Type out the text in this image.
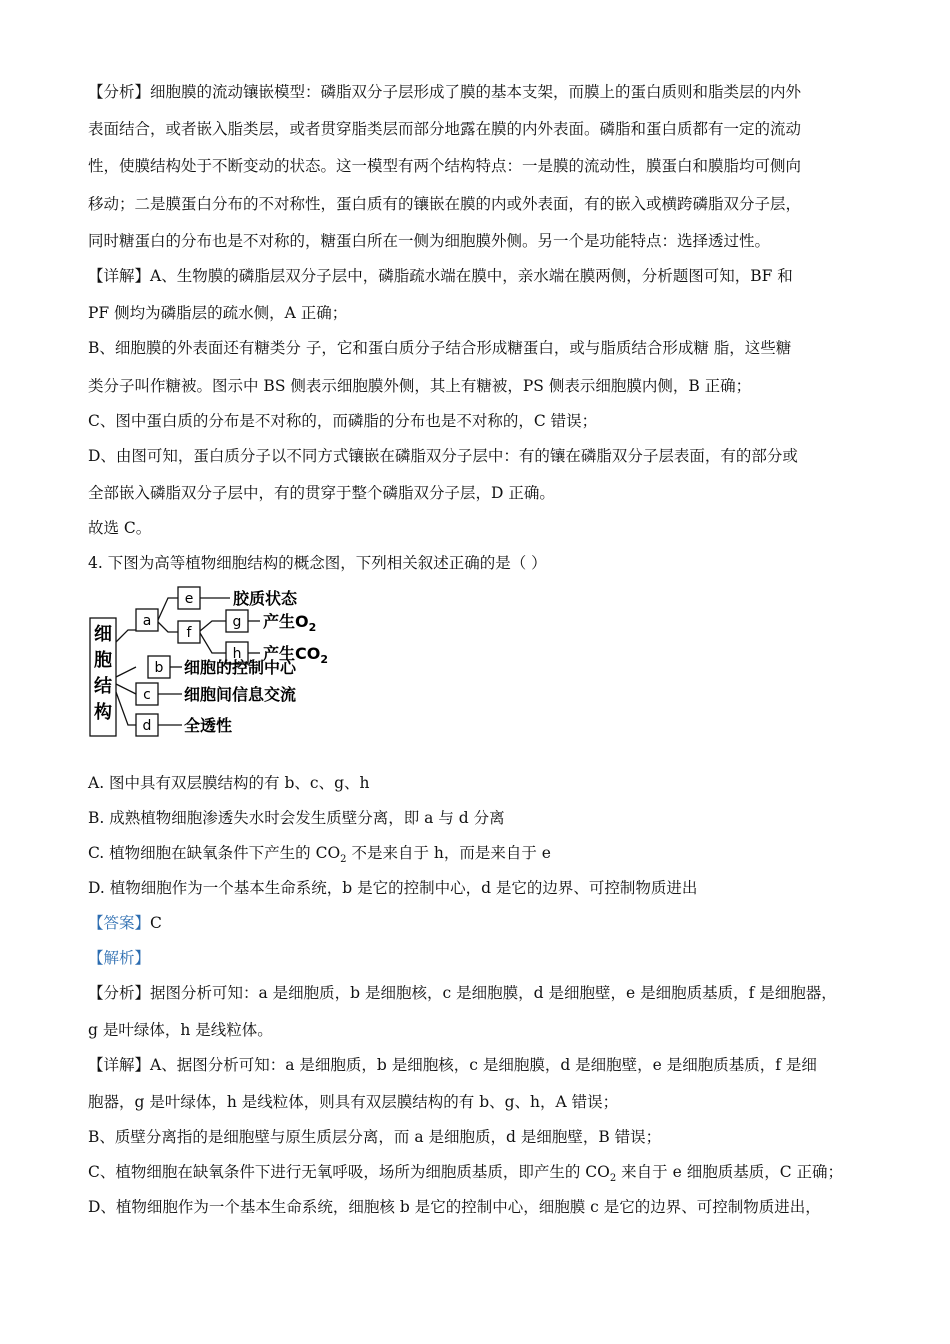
【分析】细胞膜的流动镶嵌模型：磷脂双分子层形成了膜的基本支架，而膜上的蛋白质则和脂类层的内外
表面结合，或者嵌入脂类层，或者贯穿脂类层而部分地露在膜的内外表面。磷脂和蛋白质都有一定的流动
性，使膜结构处于不断变动的状态。这一模型有两个结构特点：一是膜的流动性，膜蛋白和膜脂均可侧向
移动；二是膜蛋白分布的不对称性，蛋白质有的镶嵌在膜的内或外表面，有的嵌入或横跨磷脂双分子层，
同时糖蛋白的分布也是不对称的，糖蛋白所在一侧为细胞膜外侧。另一个是功能特点：选择透过性。
【详解】A、生物膜的磷脂层双分子层中，磷脂疏水端在膜中，亲水端在膜两侧，分析题图可知，BF 和
PF 侧均为磷脂层的疏水侧，A 正确；
B、细胞膜的外表面还有糖类分 子，它和蛋白质分子结合形成糖蛋白，或与脂质结合形成糖 脂，这些糖
类分子叫作糖被。图示中 BS 侧表示细胞膜外侧，其上有糖被，PS 侧表示细胞膜内侧，B 正确；
C、图中蛋白质的分布是不对称的，而磷脂的分布也是不对称的，C 错误；
D、由图可知，蛋白质分子以不同方式镶嵌在磷脂双分子层中：有的镶在磷脂双分子层表面，有的部分或
全部嵌入磷脂双分子层中，有的贯穿于整个磷脂双分子层，D 正确。
故选 C。
4. 下图为高等植物细胞结构的概念图，下列相关叙述正确的是（ ）
细
胞
结
构
a
b
c
d
e
f
g
h
胶质状态
产生$O_2$
产生$CO_2$
细胞的控制中心
细胞间信息交流
全透性
A. 图中具有双层膜结构的有 b、c、g、h
B. 成熟植物细胞渗透失水时会发生质壁分离，即 a 与 d 分离
C. 植物细胞在缺氧条件下产生的 $CO_2$ 不是来自于 h，而是来自于 e
D. 植物细胞作为一个基本生命系统，b 是它的控制中心，d 是它的边界、可控制物质进出
【答案】C
【解析】
【分析】据图分析可知：a 是细胞质，b 是细胞核，c 是细胞膜，d 是细胞壁，e 是细胞质基质，f 是细胞器，
g 是叶绿体，h 是线粒体。
【详解】A、据图分析可知：a 是细胞质，b 是细胞核，c 是细胞膜，d 是细胞壁，e 是细胞质基质，f 是细
胞器，g 是叶绿体，h 是线粒体，则具有双层膜结构的有 b、g、h，A 错误；
B、质壁分离指的是细胞壁与原生质层分离，而 a 是细胞质，d 是细胞壁，B 错误；
C、植物细胞在缺氧条件下进行无氧呼吸，场所为细胞质基质，即产生的 $CO_2$ 来自于 e 细胞质基质，C 正确；
D、植物细胞作为一个基本生命系统，细胞核 b 是它的控制中心，细胞膜 c 是它的边界、可控制物质进出，
